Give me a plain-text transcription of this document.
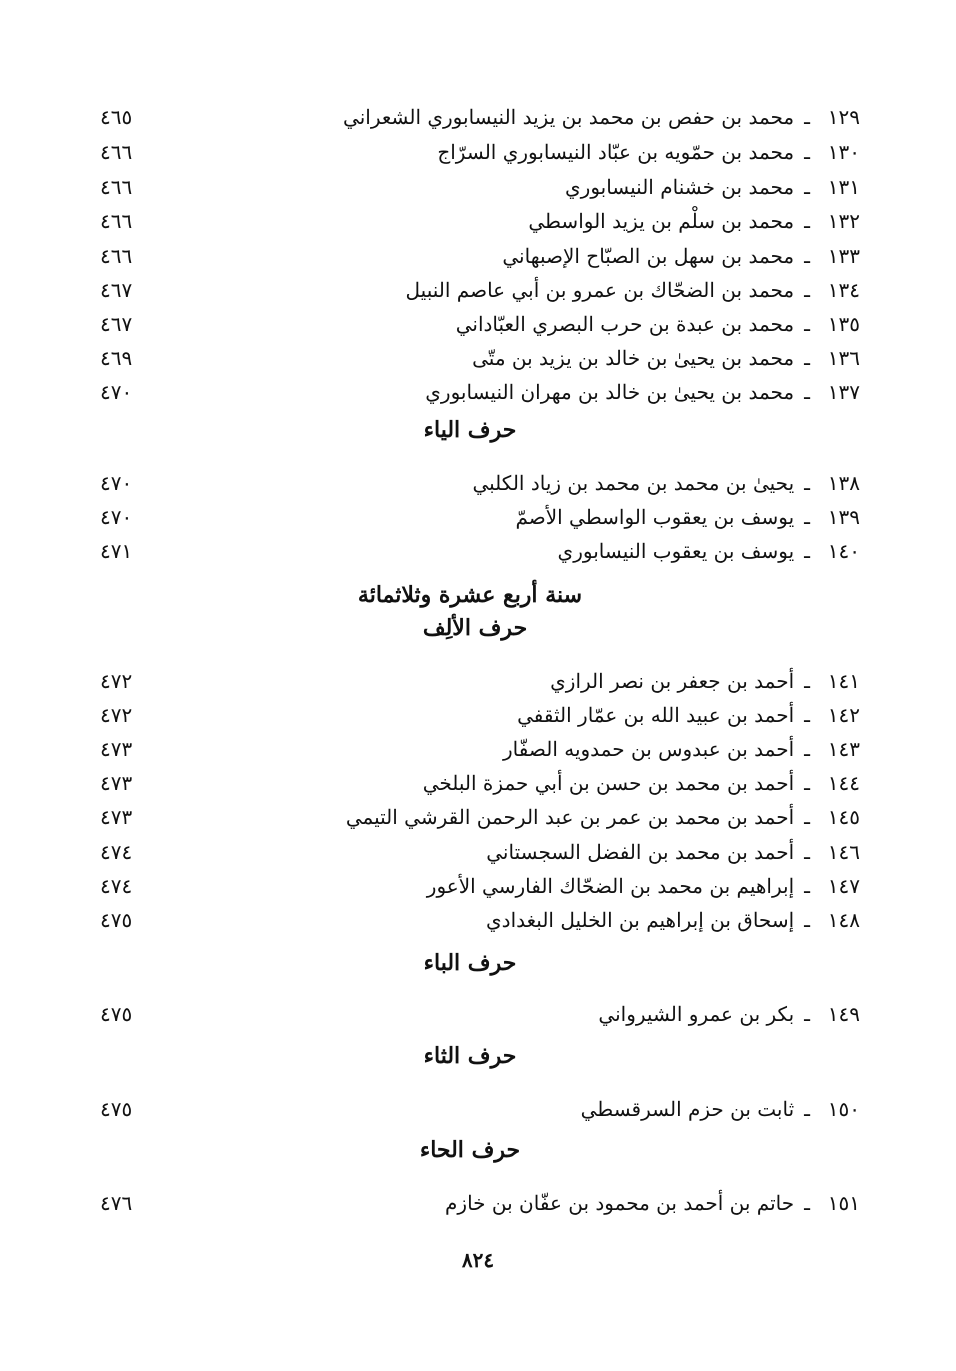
١٢٩
ـ
محمد بن حفص بن محمد بن يزيد النيسابوري الشعراني
٤٦٥
١٣٠
ـ
محمد بن حمّويه بن عبّاد النيسابوري السرّاج
٤٦٦
١٣١
ـ
محمد بن خشنام النيسابوري
٤٦٦
١٣٢
ـ
محمد بن سلْم بن يزيد الواسطي
٤٦٦
١٣٣
ـ
محمد بن سهل بن الصبّاح الإصبهاني
٤٦٦
١٣٤
ـ
محمد بن الضحّاك بن عمرو بن أبي عاصم النبيل
٤٦٧
١٣٥
ـ
محمد بن عبدة بن حرب البصري العبّاداني
٤٦٧
١٣٦
ـ
محمد بن يحيىٰ بن خالد بن يزيد بن متّى
٤٦٩
١٣٧
ـ
محمد بن يحيىٰ بن خالد بن مهران النيسابوري
٤٧٠
حرف الياء
١٣٨
ـ
يحيىٰ بن محمد بن محمد بن زياد الكلبي
٤٧٠
١٣٩
ـ
يوسف بن يعقوب الواسطي الأصمّ
٤٧٠
١٤٠
ـ
يوسف بن يعقوب النيسابوري
٤٧١
سنة أربع عشرة وثلاثمائة
حرف الألِف
١٤١
ـ
أحمد بن جعفر بن نصر الرازي
٤٧٢
١٤٢
ـ
أحمد بن عبيد الله بن عمّار الثقفي
٤٧٢
١٤٣
ـ
أحمد بن عبدوس بن حمدويه الصفّار
٤٧٣
١٤٤
ـ
أحمد بن محمد بن حسن بن أبي حمزة البلخي
٤٧٣
١٤٥
ـ
أحمد بن محمد بن عمر بن عبد الرحمن القرشي التيمي
٤٧٣
١٤٦
ـ
أحمد بن محمد بن الفضل السجستاني
٤٧٤
١٤٧
ـ
إبراهيم بن محمد بن الضحّاك الفارسي الأعور
٤٧٤
١٤٨
ـ
إسحاق بن إبراهيم بن الخليل البغدادي
٤٧٥
حرف الباء
١٤٩
ـ
بكر بن عمرو الشيرواني
٤٧٥
حرف الثاء
١٥٠
ـ
ثابت بن حزم السرقسطي
٤٧٥
حرف الحاء
١٥١
ـ
حاتم بن أحمد بن محمود بن عفّان بن خازم
٤٧٦
٨٢٤
